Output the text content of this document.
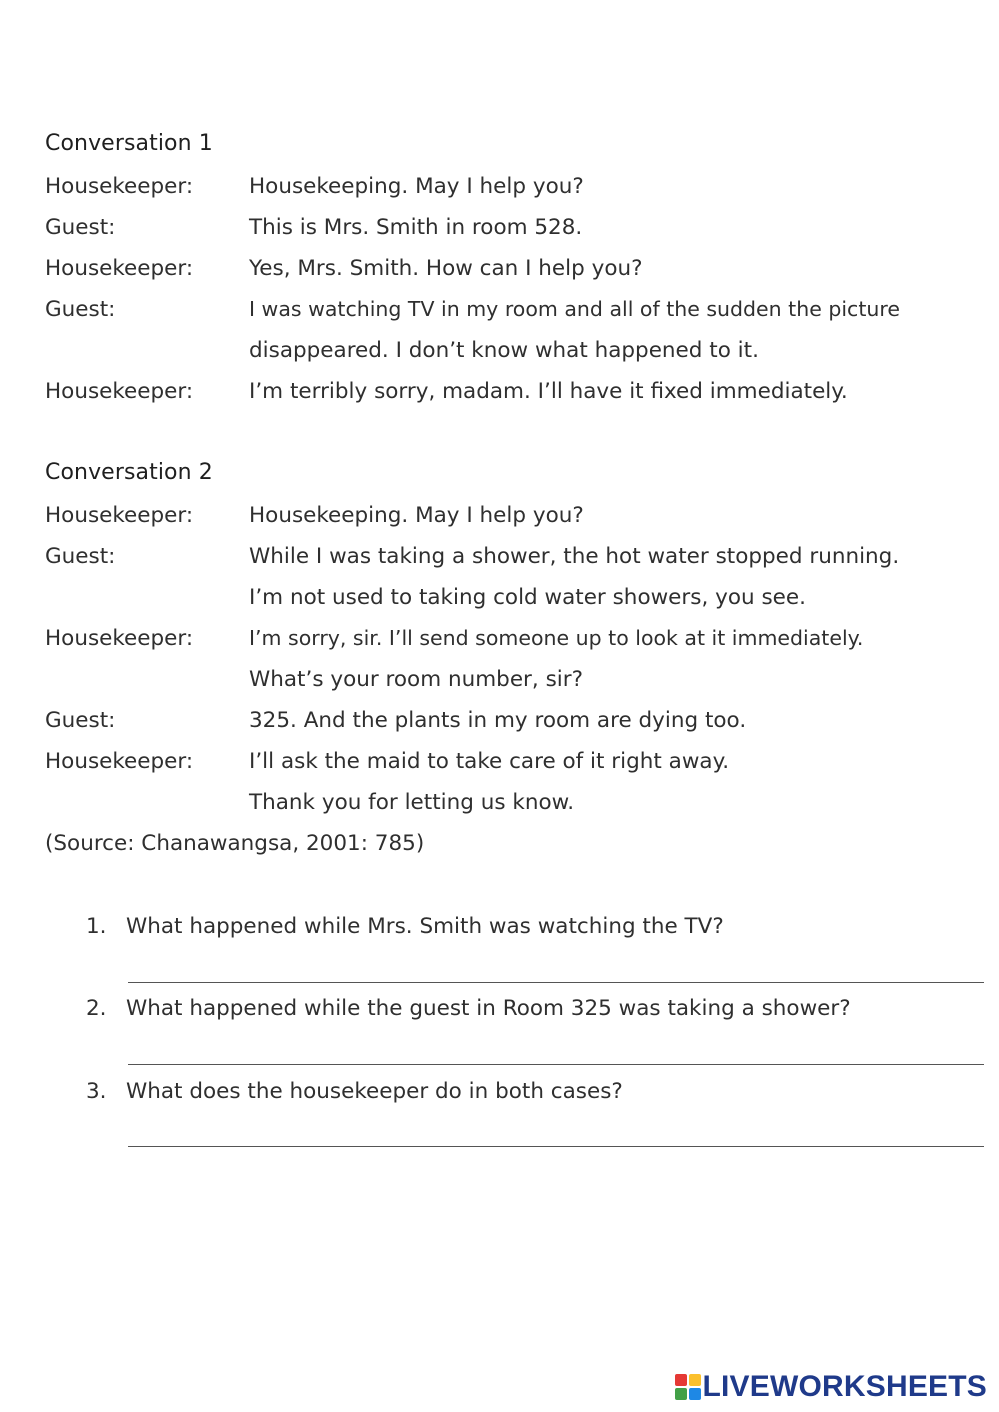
Conversation 1
Housekeeper:	Housekeeping. May I help you?
Guest:	This is Mrs. Smith in room 528.
Housekeeper:	Yes, Mrs. Smith. How can I help you?
Guest:	I was watching TV in my room and all of the sudden the picture
disappeared. I don’t know what happened to it.
Housekeeper:	I’m terribly sorry, madam. I’ll have it fixed immediately.
Conversation 2
Housekeeper:	Housekeeping. May I help you?
Guest:	While I was taking a shower, the hot water stopped running.
I’m not used to taking cold water showers, you see.
Housekeeper:	I’m sorry, sir. I’ll send someone up to look at it immediately.
What’s your room number, sir?
Guest:	325. And the plants in my room are dying too.
Housekeeper:	I’ll ask the maid to take care of it right away.
Thank you for letting us know.
(Source: Chanawangsa, 2001: 785)
1. What happened while Mrs. Smith was watching the TV?
2. What happened while the guest in Room 325 was taking a shower?
3. What does the housekeeper do in both cases?
LIVEWORKSHEETS
